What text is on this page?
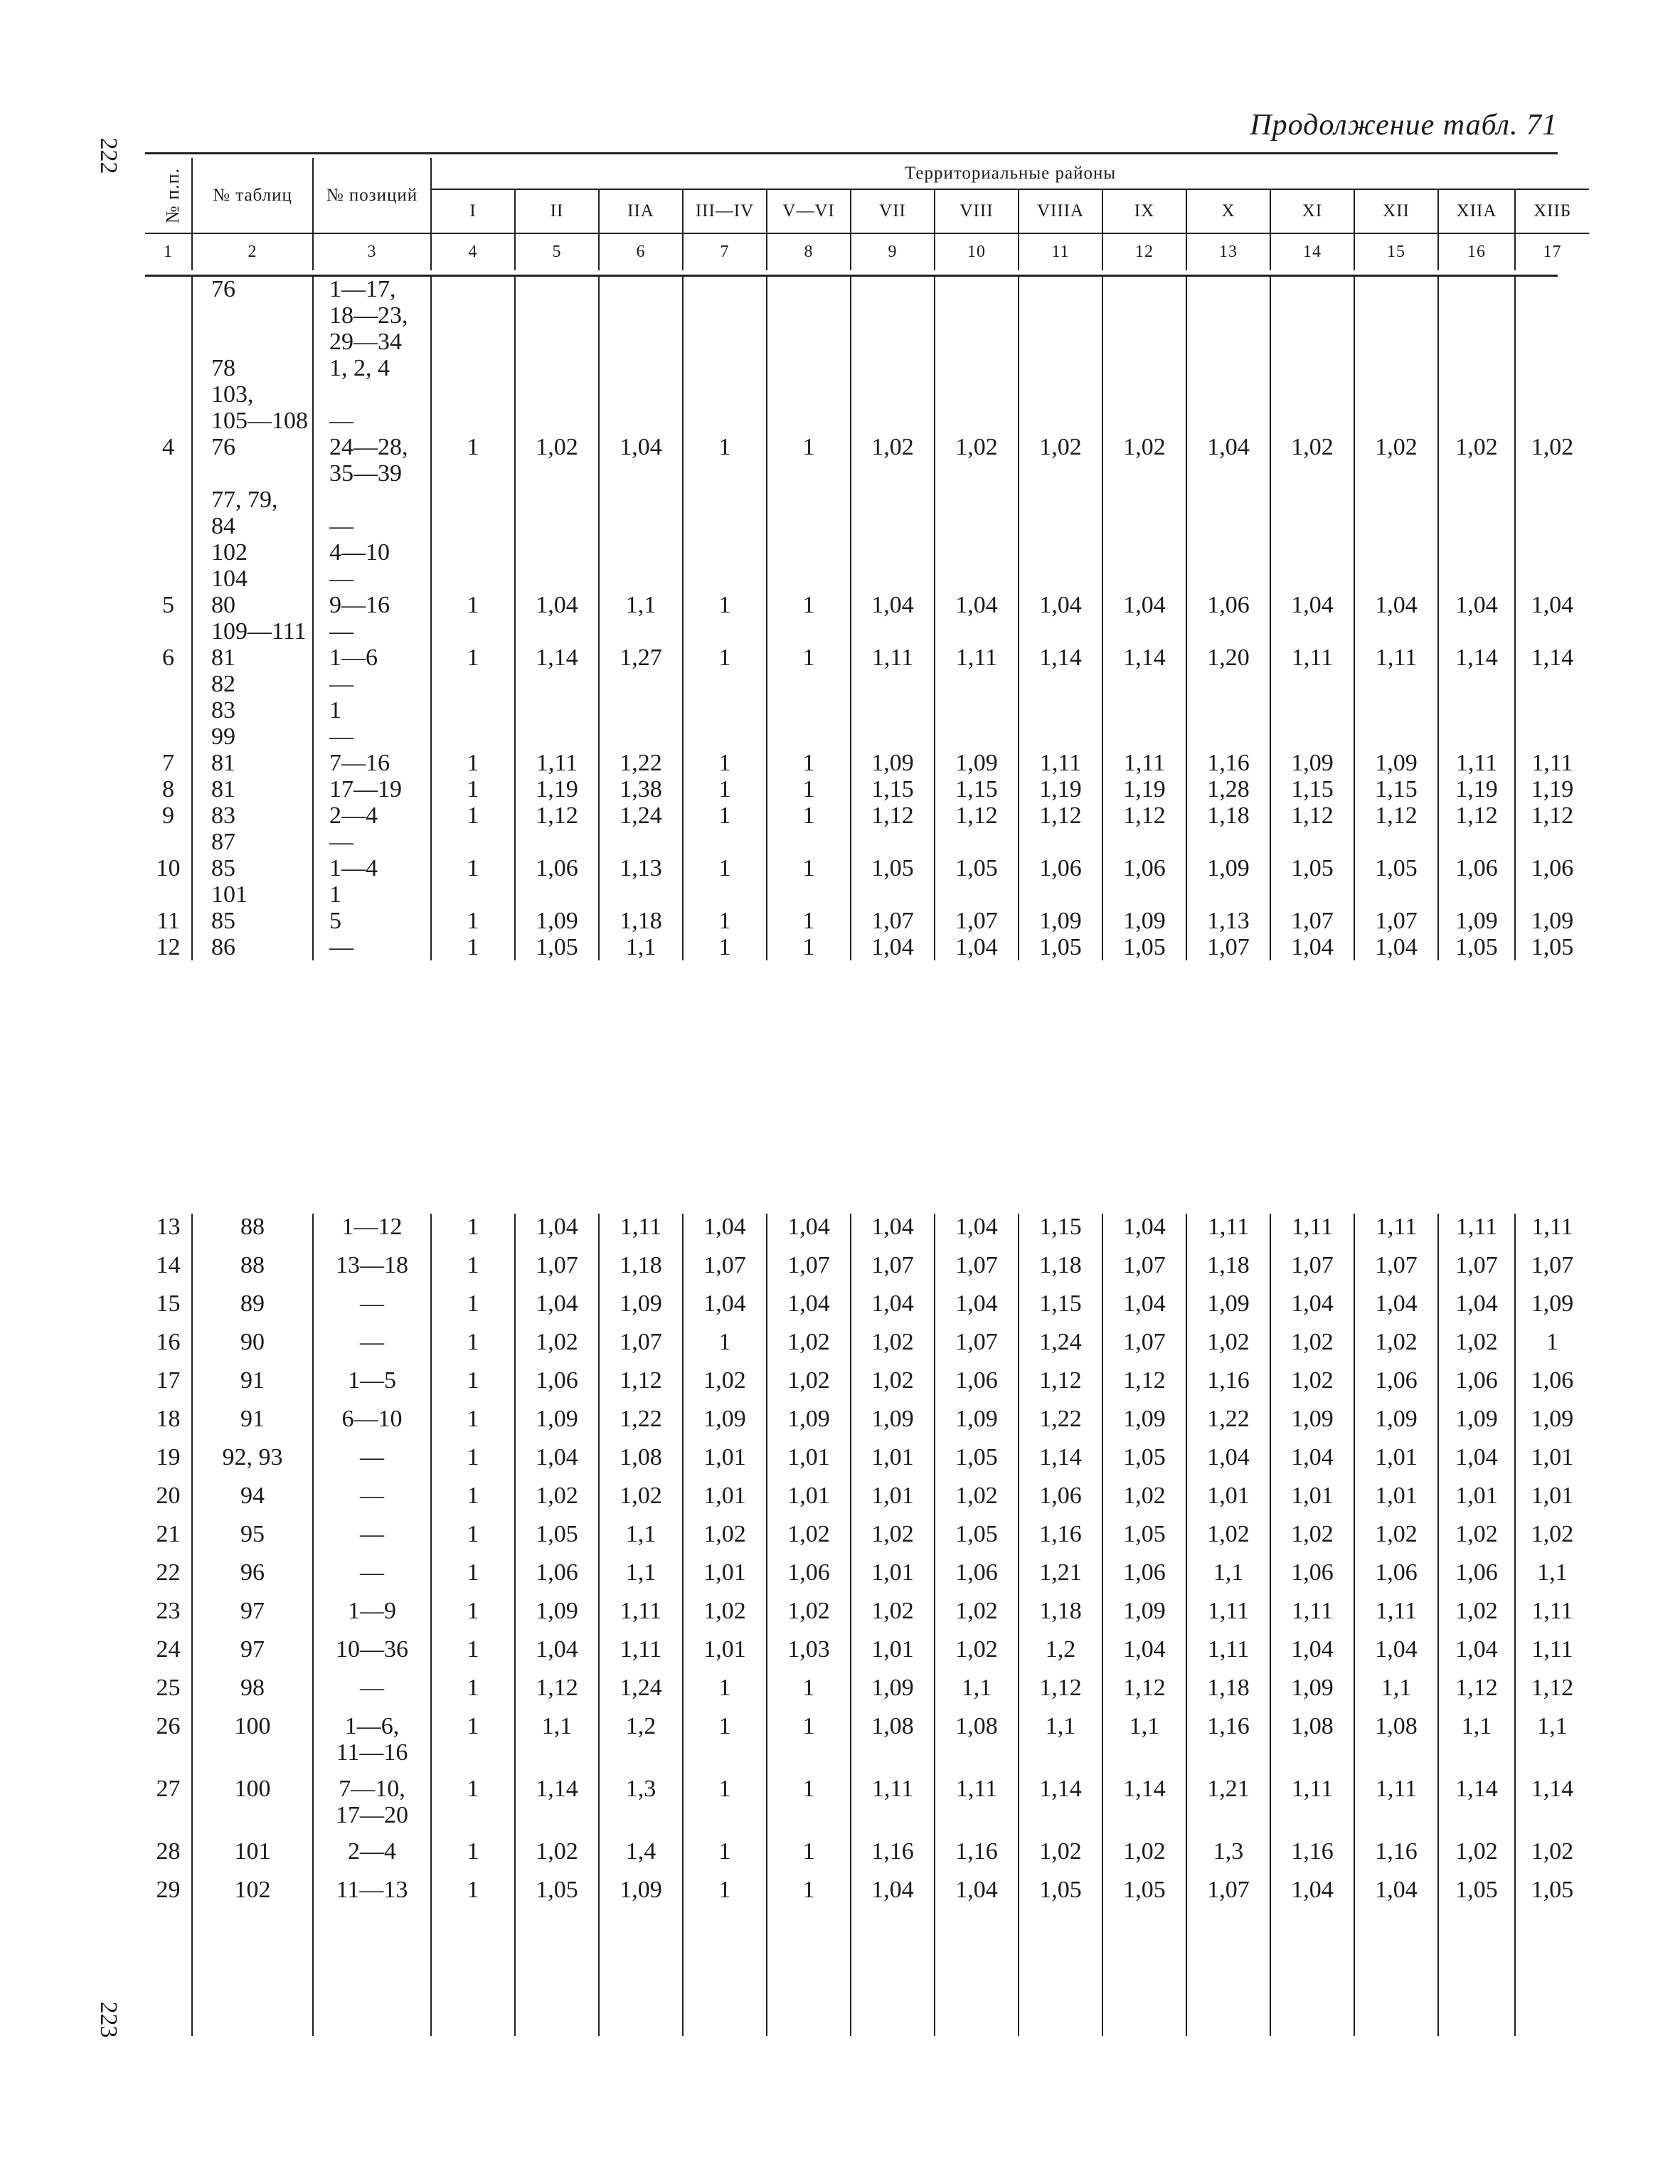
222
223
Продолжение табл. 71
№ п.п.	№ таблиц	№ позиций	Территориальные районы													
			I	II	IIA	III—IV	V—VI	VII	VIII	VIIIA	IX	X	XI	XII	XIIA	XIIБ
1	2	3	4	5	6	7	8	9	10	11	12	13	14	15	16	17
	76	1—17,														
		18—23,														
		29—34														
	78	1, 2, 4														
	103,															
	105—108	—														
4	76	24—28,	1	1,02	1,04	1	1	1,02	1,02	1,02	1,02	1,04	1,02	1,02	1,02	1,02
		35—39														
	77, 79,															
	84	—														
	102	4—10														
	104	—														
5	80	9—16	1	1,04	1,1	1	1	1,04	1,04	1,04	1,04	1,06	1,04	1,04	1,04	1,04
	109—111	—														
6	81	1—6	1	1,14	1,27	1	1	1,11	1,11	1,14	1,14	1,20	1,11	1,11	1,14	1,14
	82	—														
	83	1														
	99	—														
7	81	7—16	1	1,11	1,22	1	1	1,09	1,09	1,11	1,11	1,16	1,09	1,09	1,11	1,11
8	81	17—19	1	1,19	1,38	1	1	1,15	1,15	1,19	1,19	1,28	1,15	1,15	1,19	1,19
9	83	2—4	1	1,12	1,24	1	1	1,12	1,12	1,12	1,12	1,18	1,12	1,12	1,12	1,12
	87	—														
10	85	1—4	1	1,06	1,13	1	1	1,05	1,05	1,06	1,06	1,09	1,05	1,05	1,06	1,06
	101	1														
11	85	5	1	1,09	1,18	1	1	1,07	1,07	1,09	1,09	1,13	1,07	1,07	1,09	1,09
12	86	—	1	1,05	1,1	1	1	1,04	1,04	1,05	1,05	1,07	1,04	1,04	1,05	1,05
13	88	1—12	1	1,04	1,11	1,04	1,04	1,04	1,04	1,15	1,04	1,11	1,11	1,11	1,11	1,11
14	88	13—18	1	1,07	1,18	1,07	1,07	1,07	1,07	1,18	1,07	1,18	1,07	1,07	1,07	1,07
15	89	—	1	1,04	1,09	1,04	1,04	1,04	1,04	1,15	1,04	1,09	1,04	1,04	1,04	1,09
16	90	—	1	1,02	1,07	1	1,02	1,02	1,07	1,24	1,07	1,02	1,02	1,02	1,02	1
17	91	1—5	1	1,06	1,12	1,02	1,02	1,02	1,06	1,12	1,12	1,16	1,02	1,06	1,06	1,06
18	91	6—10	1	1,09	1,22	1,09	1,09	1,09	1,09	1,22	1,09	1,22	1,09	1,09	1,09	1,09
19	92, 93	—	1	1,04	1,08	1,01	1,01	1,01	1,05	1,14	1,05	1,04	1,04	1,01	1,04	1,01
20	94	—	1	1,02	1,02	1,01	1,01	1,01	1,02	1,06	1,02	1,01	1,01	1,01	1,01	1,01
21	95	—	1	1,05	1,1	1,02	1,02	1,02	1,05	1,16	1,05	1,02	1,02	1,02	1,02	1,02
22	96	—	1	1,06	1,1	1,01	1,06	1,01	1,06	1,21	1,06	1,1	1,06	1,06	1,06	1,1
23	97	1—9	1	1,09	1,11	1,02	1,02	1,02	1,02	1,18	1,09	1,11	1,11	1,11	1,02	1,11
24	97	10—36	1	1,04	1,11	1,01	1,03	1,01	1,02	1,2	1,04	1,11	1,04	1,04	1,04	1,11
25	98	—	1	1,12	1,24	1	1	1,09	1,1	1,12	1,12	1,18	1,09	1,1	1,12	1,12
26	100	1—6,
11—16	1	1,1	1,2	1	1	1,08	1,08	1,1	1,1	1,16	1,08	1,08	1,1	1,1
27	100	7—10,
17—20	1	1,14	1,3	1	1	1,11	1,11	1,14	1,14	1,21	1,11	1,11	1,14	1,14
28	101	2—4	1	1,02	1,4	1	1	1,16	1,16	1,02	1,02	1,3	1,16	1,16	1,02	1,02
29	102	11—13	1	1,05	1,09	1	1	1,04	1,04	1,05	1,05	1,07	1,04	1,04	1,05	1,05
